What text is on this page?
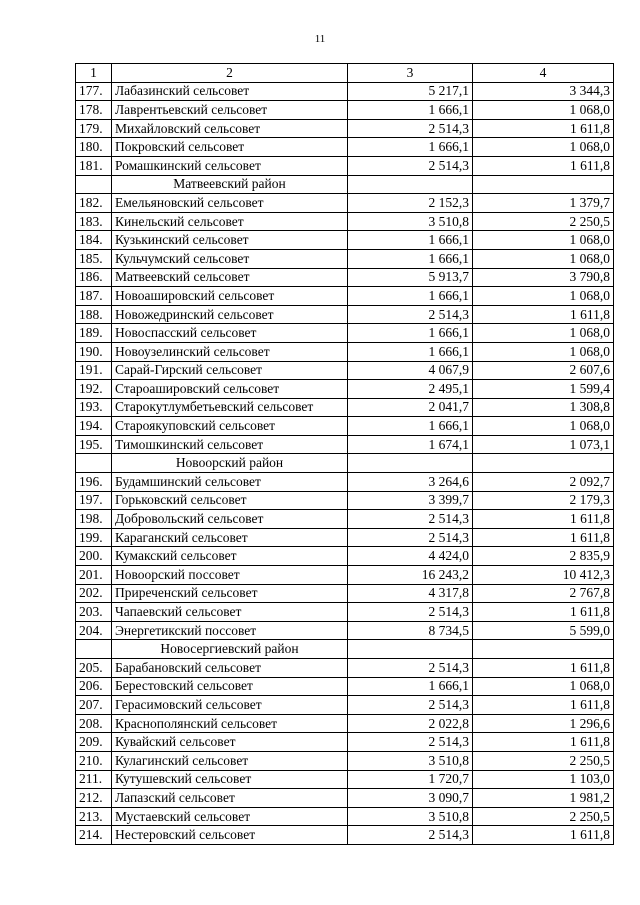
11
1	2	3	4
177.	Лабазинский сельсовет	5 217,1	3 344,3
178.	Лаврентьевский сельсовет	1 666,1	1 068,0
179.	Михайловский сельсовет	2 514,3	1 611,8
180.	Покровский сельсовет	1 666,1	1 068,0
181.	Ромашкинский сельсовет	2 514,3	1 611,8
	Матвеевский район		
182.	Емельяновский сельсовет	2 152,3	1 379,7
183.	Кинельский сельсовет	3 510,8	2 250,5
184.	Кузькинский сельсовет	1 666,1	1 068,0
185.	Кульчумский сельсовет	1 666,1	1 068,0
186.	Матвеевский сельсовет	5 913,7	3 790,8
187.	Новоаширoвский сельсовет	1 666,1	1 068,0
188.	Новожедринский сельсовет	2 514,3	1 611,8
189.	Новоспасский сельсовет	1 666,1	1 068,0
190.	Новоузелинский сельсовет	1 666,1	1 068,0
191.	Сарай-Гирский сельсовет	4 067,9	2 607,6
192.	Староаширoвский сельсовет	2 495,1	1 599,4
193.	Старокутлумбетьевский сельсовет	2 041,7	1 308,8
194.	Староякуповский сельсовет	1 666,1	1 068,0
195.	Тимошкинский сельсовет	1 674,1	1 073,1
	Новоорский район		
196.	Будамшинский сельсовет	3 264,6	2 092,7
197.	Горьковский сельсовет	3 399,7	2 179,3
198.	Добровольский сельсовет	2 514,3	1 611,8
199.	Караганский сельсовет	2 514,3	1 611,8
200.	Кумакский сельсовет	4 424,0	2 835,9
201.	Новоорский поссовет	16 243,2	10 412,3
202.	Приреченский сельсовет	4 317,8	2 767,8
203.	Чапаевский сельсовет	2 514,3	1 611,8
204.	Энергетикский поссовет	8 734,5	5 599,0
	Новосергиевский район		
205.	Барабановский сельсовет	2 514,3	1 611,8
206.	Берестовский сельсовет	1 666,1	1 068,0
207.	Герасимовский сельсовет	2 514,3	1 611,8
208.	Краснополянский сельсовет	2 022,8	1 296,6
209.	Кувайский сельсовет	2 514,3	1 611,8
210.	Кулагинский сельсовет	3 510,8	2 250,5
211.	Кутушевский сельсовет	1 720,7	1 103,0
212.	Лапазский сельсовет	3 090,7	1 981,2
213.	Мустаевский сельсовет	3 510,8	2 250,5
214.	Нестеровский сельсовет	2 514,3	1 611,8
